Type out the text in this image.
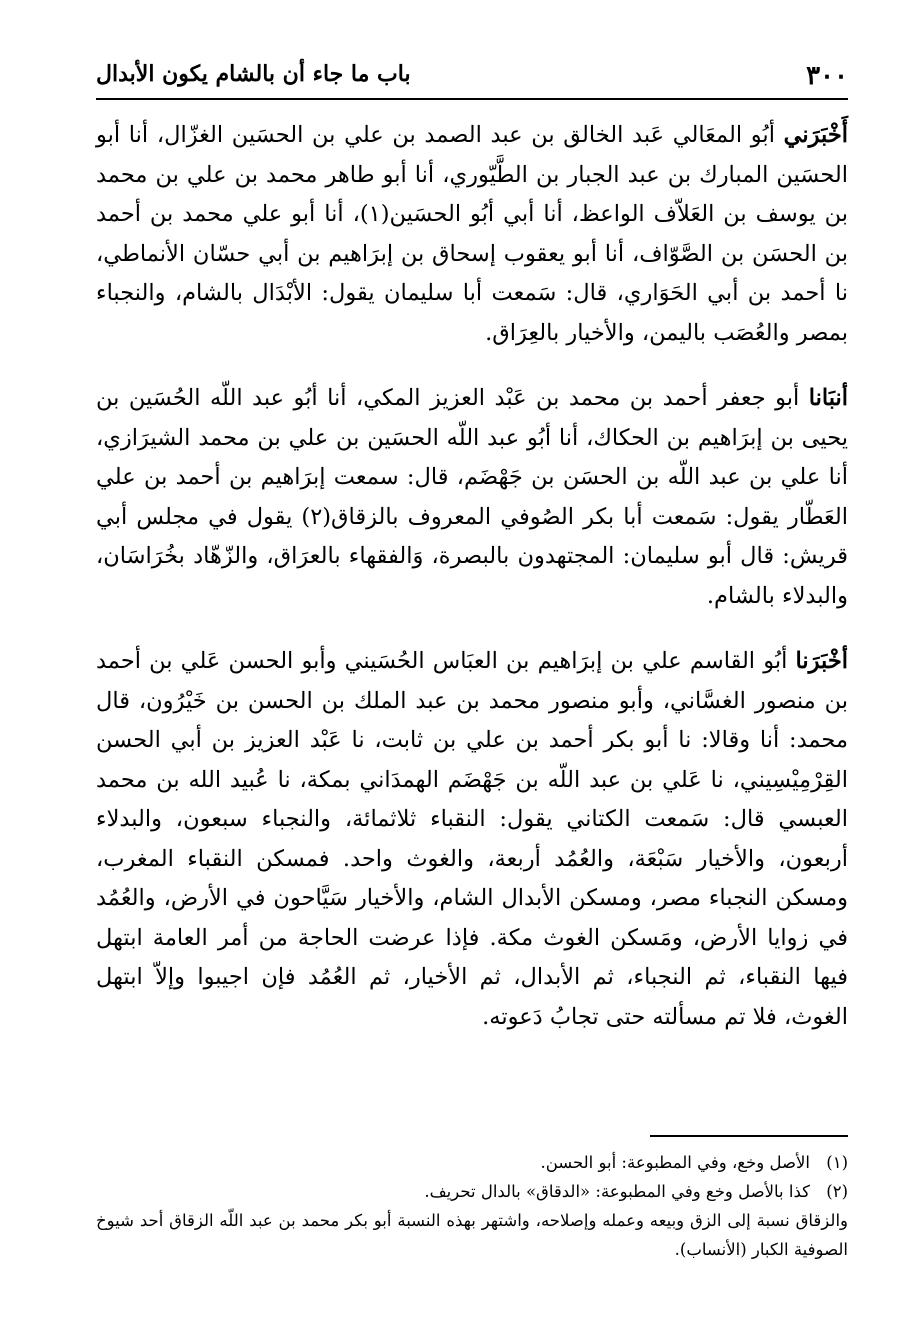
٣٠٠
باب ما جاء أن بالشام يكون الأبدال

أَخْبَرَني أبُو المعَالي عَبد الخالق بن عبد الصمد بن علي بن الحسَين الغزّال، أنا أبو الحسَين المبارك بن عبد الجبار بن الطَّيّوري، أنا أبو طاهر محمد بن علي بن محمد بن يوسف بن العَلاّف الواعظ، أنا أبي أبُو الحسَين(١)، أنا أبو علي محمد بن أحمد بن الحسَن بن الصَّوّاف، أنا أبو يعقوب إسحاق بن إبرَاهيم بن أبي حسّان الأنماطي، نا أحمد بن أبي الحَوَاري، قال: سَمعت أبا سليمان يقول: الأبْدَال بالشام، والنجباء بمصر والعُصَب باليمن، والأخيار بالعِرَاق.

أنبَانا أبو جعفر أحمد بن محمد بن عَبْد العزيز المكي، أنا أبُو عبد اللّه الحُسَين بن يحيى بن إبرَاهيم بن الحكاك، أنا أبُو عبد اللّه الحسَين بن علي بن محمد الشيرَازي، أنا علي بن عبد اللّه بن الحسَن بن جَهْضَم، قال: سمعت إبرَاهيم بن أحمد بن علي العَطّار يقول: سَمعت أبا بكر الصُوفي المعروف بالزقاق(٢) يقول في مجلس أبي قريش: قال أبو سليمان: المجتهدون بالبصرة، وَالفقهاء بالعرَاق، والزّهّاد بخُرَاسَان، والبدلاء بالشام.

أخْبَرَنا أبُو القاسم علي بن إبرَاهيم بن العبَاس الحُسَيني وأبو الحسن عَلي بن أحمد بن منصور الغسَّاني، وأبو منصور محمد بن عبد الملك بن الحسن بن خَيْرُون، قال محمد: أنا وقالا: نا أبو بكر أحمد بن علي بن ثابت، نا عَبْد العزيز بن أبي الحسن القِرْمِيْسِيني، نا عَلي بن عبد اللّه بن جَهْضَم الهمدَاني بمكة، نا عُبيد الله بن محمد العبسي قال: سَمعت الكتاني يقول: النقباء ثلاثمائة، والنجباء سبعون، والبدلاء أربعون، والأخيار سَبْعَة، والعُمُد أربعة، والغوث واحد. فمسكن النقباء المغرب، ومسكن النجباء مصر، ومسكن الأبدال الشام، والأخيار سَيَّاحون في الأرض، والعُمُد في زوايا الأرض، ومَسكن الغوث مكة. فإذا عرضت الحاجة من أمر العامة ابتهل فيها النقباء، ثم النجباء، ثم الأبدال، ثم الأخيار، ثم العُمُد فإن اجيبوا وإلاّ ابتهل الغوث، فلا تم مسألته حتى تجابُ دَعوته.

(١)الأصل وخع، وفي المطبوعة: أبو الحسن.

(٢)كذا بالأصل وخع وفي المطبوعة: «الدقاق» بالدال تحريف.

والزقاق نسبة إلى الزق وبيعه وعمله وإصلاحه، واشتهر بهذه النسبة أبو بكر محمد بن عبد اللّه الزقاق أحد شيوخ الصوفية الكبار (الأنساب).
